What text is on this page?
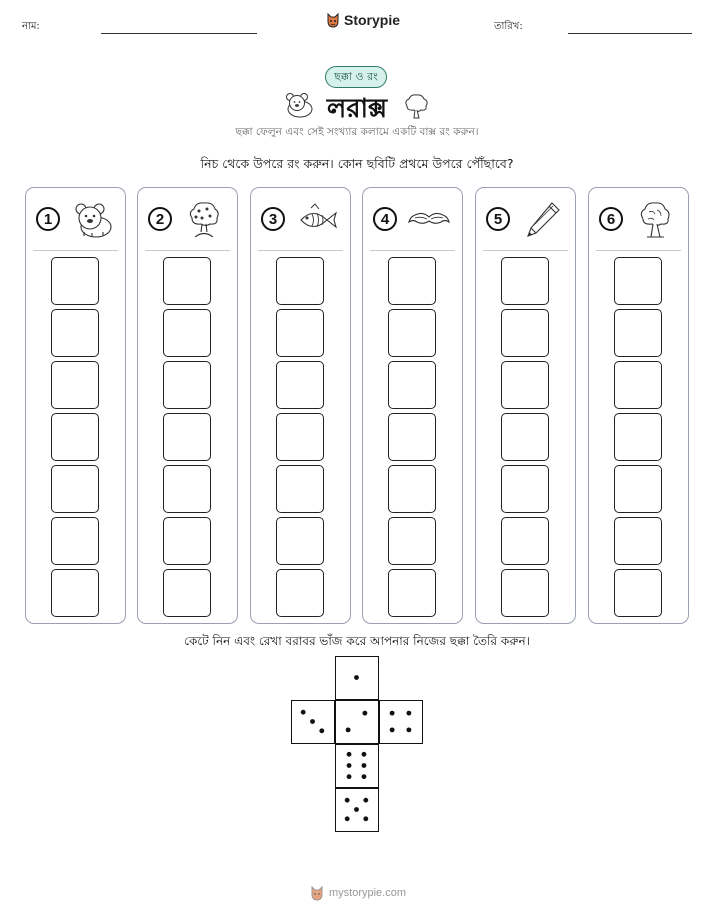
নাম:	Storypie	তারিখ:
ছক্কা ও রং
লরাক্স
ছক্কা ফেলুন এবং সেই সংখ্যার কলামে একটি বাক্স রং করুন।
নিচ থেকে উপরে রং করুন। কোন ছবিটি প্রথমে উপরে পৌঁছাবে?
1	2	3	4	5	6
কেটে নিন এবং রেখা বরাবর ভাঁজ করে আপনার নিজের ছক্কা তৈরি করুন।
mystorypie.com
